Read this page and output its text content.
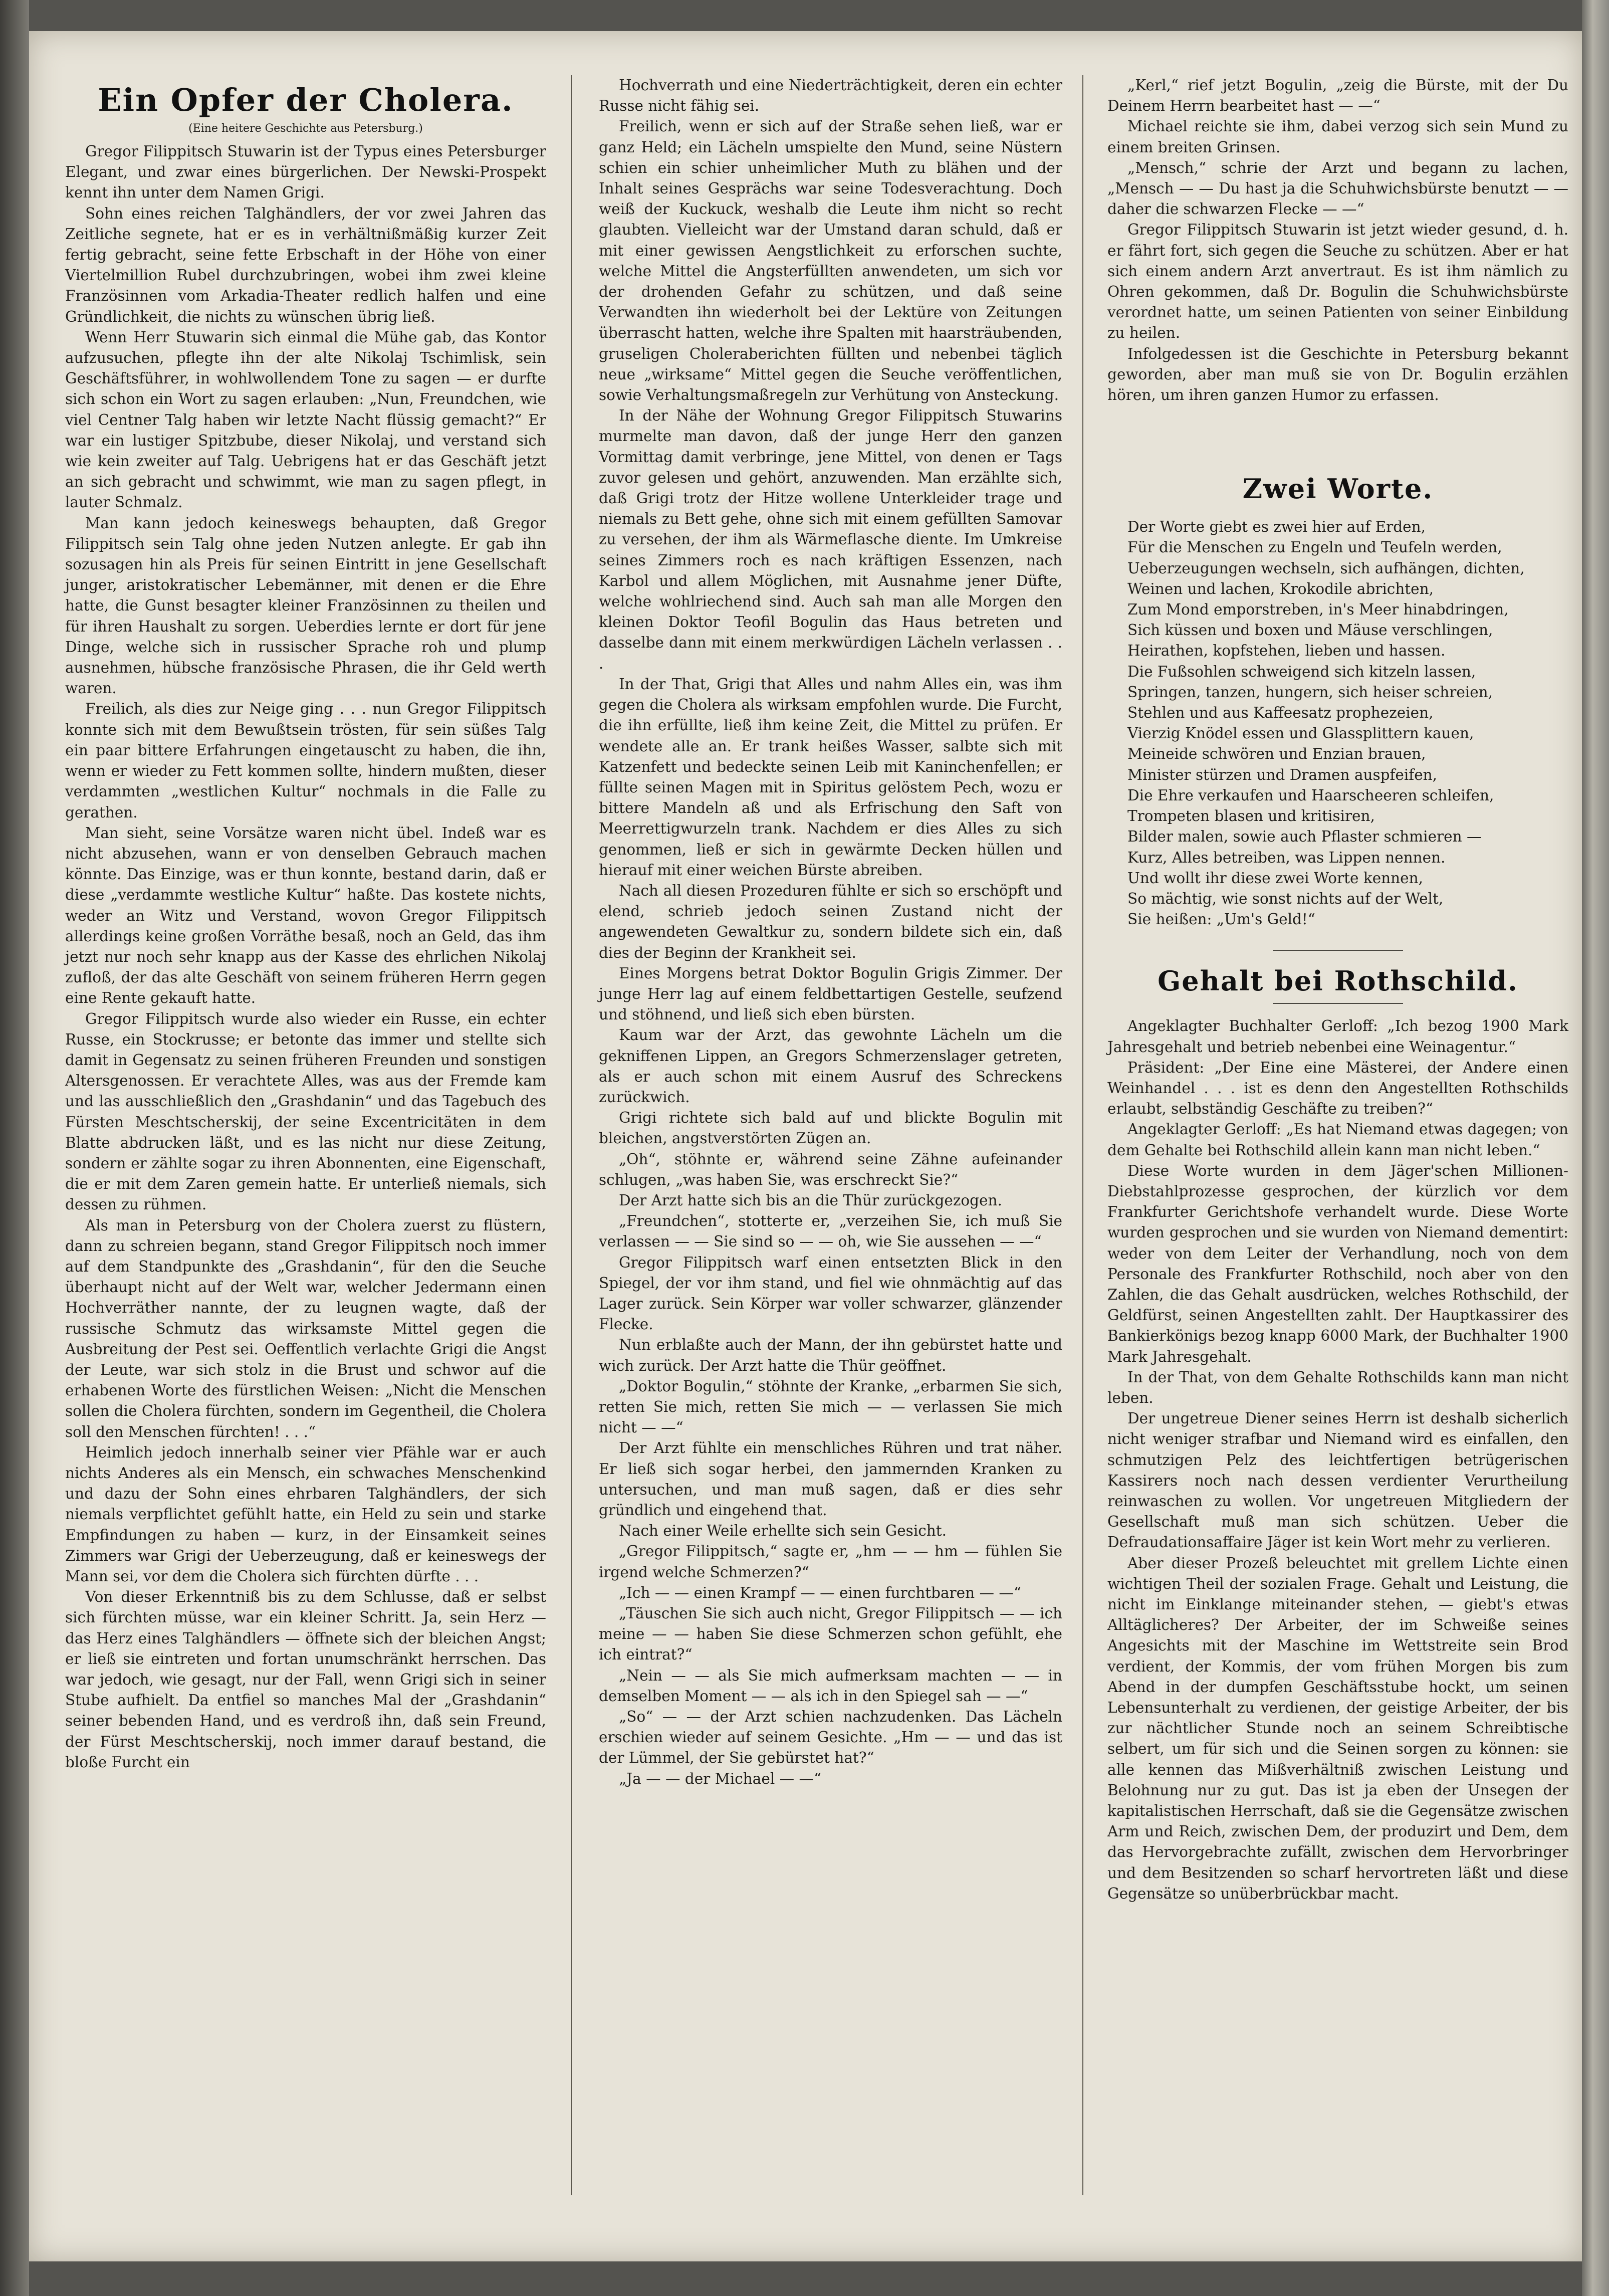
Ein Opfer der Cholera.
(Eine heitere Geschichte aus Petersburg.)

Gregor Filippitsch Stuwarin ist der Typus eines Petersburger Elegant, und zwar eines bürgerlichen. Der Newski-Prospekt kennt ihn unter dem Namen Grigi.

Sohn eines reichen Talghändlers, der vor zwei Jahren das Zeitliche segnete, hat er es in verhältnißmäßig kurzer Zeit fertig gebracht, seine fette Erbschaft in der Höhe von einer Viertelmillion Rubel durchzubringen, wobei ihm zwei kleine Französinnen vom Arkadia-Theater redlich halfen und eine Gründlichkeit, die nichts zu wünschen übrig ließ.

Wenn Herr Stuwarin sich einmal die Mühe gab, das Kontor aufzusuchen, pflegte ihn der alte Nikolaj Tschimlisk, sein Geschäftsführer, in wohlwollendem Tone zu sagen — er durfte sich schon ein Wort zu sagen erlauben: „Nun, Freundchen, wie viel Centner Talg haben wir letzte Nacht flüssig gemacht?“ Er war ein lustiger Spitzbube, dieser Nikolaj, und verstand sich wie kein zweiter auf Talg. Uebrigens hat er das Geschäft jetzt an sich gebracht und schwimmt, wie man zu sagen pflegt, in lauter Schmalz.

Man kann jedoch keineswegs behaupten, daß Gregor Filippitsch sein Talg ohne jeden Nutzen anlegte. Er gab ihn sozusagen hin als Preis für seinen Eintritt in jene Gesellschaft junger, aristokratischer Lebemänner, mit denen er die Ehre hatte, die Gunst besagter kleiner Französinnen zu theilen und für ihren Haushalt zu sorgen. Ueberdies lernte er dort für jene Dinge, welche sich in russischer Sprache roh und plump ausnehmen, hübsche französische Phrasen, die ihr Geld werth waren.

Freilich, als dies zur Neige ging . . . nun Gregor Filippitsch konnte sich mit dem Bewußtsein trösten, für sein süßes Talg ein paar bittere Erfahrungen eingetauscht zu haben, die ihn, wenn er wieder zu Fett kommen sollte, hindern mußten, dieser verdammten „westlichen Kultur“ nochmals in die Falle zu gerathen.

Man sieht, seine Vorsätze waren nicht übel. Indeß war es nicht abzusehen, wann er von denselben Gebrauch machen könnte. Das Einzige, was er thun konnte, bestand darin, daß er diese „verdammte westliche Kultur“ haßte. Das kostete nichts, weder an Witz und Verstand, wovon Gregor Filippitsch allerdings keine großen Vorräthe besaß, noch an Geld, das ihm jetzt nur noch sehr knapp aus der Kasse des ehrlichen Nikolaj zufloß, der das alte Geschäft von seinem früheren Herrn gegen eine Rente gekauft hatte.

Gregor Filippitsch wurde also wieder ein Russe, ein echter Russe, ein Stockrusse; er betonte das immer und stellte sich damit in Gegensatz zu seinen früheren Freunden und sonstigen Altersgenossen. Er verachtete Alles, was aus der Fremde kam und las ausschließlich den „Grashdanin“ und das Tagebuch des Fürsten Meschtscherskij, der seine Excentricitäten in dem Blatte abdrucken läßt, und es las nicht nur diese Zeitung, sondern er zählte sogar zu ihren Abonnenten, eine Eigenschaft, die er mit dem Zaren gemein hatte. Er unterließ niemals, sich dessen zu rühmen.

Als man in Petersburg von der Cholera zuerst zu flüstern, dann zu schreien begann, stand Gregor Filippitsch noch immer auf dem Standpunkte des „Grashdanin“, für den die Seuche überhaupt nicht auf der Welt war, welcher Jedermann einen Hochverräther nannte, der zu leugnen wagte, daß der russische Schmutz das wirksamste Mittel gegen die Ausbreitung der Pest sei. Oeffentlich verlachte Grigi die Angst der Leute, war sich stolz in die Brust und schwor auf die erhabenen Worte des fürstlichen Weisen: „Nicht die Menschen sollen die Cholera fürchten, sondern im Gegentheil, die Cholera soll den Menschen fürchten! . . .“

Heimlich jedoch innerhalb seiner vier Pfähle war er auch nichts Anderes als ein Mensch, ein schwaches Menschenkind und dazu der Sohn eines ehrbaren Talghändlers, der sich niemals verpflichtet gefühlt hatte, ein Held zu sein und starke Empfindungen zu haben — kurz, in der Einsamkeit seines Zimmers war Grigi der Ueberzeugung, daß er keineswegs der Mann sei, vor dem die Cholera sich fürchten dürfte . . .

Von dieser Erkenntniß bis zu dem Schlusse, daß er selbst sich fürchten müsse, war ein kleiner Schritt. Ja, sein Herz — das Herz eines Talghändlers — öffnete sich der bleichen Angst; er ließ sie eintreten und fortan unumschränkt herrschen. Das war jedoch, wie gesagt, nur der Fall, wenn Grigi sich in seiner Stube aufhielt. Da entfiel so manches Mal der „Grashdanin“ seiner bebenden Hand, und es verdroß ihn, daß sein Freund, der Fürst Meschtscherskij, noch immer darauf bestand, die bloße Furcht ein

Hochverrath und eine Niederträchtigkeit, deren ein echter Russe nicht fähig sei.

Freilich, wenn er sich auf der Straße sehen ließ, war er ganz Held; ein Lächeln umspielte den Mund, seine Nüstern schien ein schier unheimlicher Muth zu blähen und der Inhalt seines Gesprächs war seine Todesverachtung. Doch weiß der Kuckuck, weshalb die Leute ihm nicht so recht glaubten. Vielleicht war der Umstand daran schuld, daß er mit einer gewissen Aengstlichkeit zu erforschen suchte, welche Mittel die Angsterfüllten anwendeten, um sich vor der drohenden Gefahr zu schützen, und daß seine Verwandten ihn wiederholt bei der Lektüre von Zeitungen überrascht hatten, welche ihre Spalten mit haarsträubenden, gruseligen Choleraberichten füllten und nebenbei täglich neue „wirksame“ Mittel gegen die Seuche veröffentlichen, sowie Verhaltungsmaßregeln zur Verhütung von Ansteckung.

In der Nähe der Wohnung Gregor Filippitsch Stuwarins murmelte man davon, daß der junge Herr den ganzen Vormittag damit verbringe, jene Mittel, von denen er Tags zuvor gelesen und gehört, anzuwenden. Man erzählte sich, daß Grigi trotz der Hitze wollene Unterkleider trage und niemals zu Bett gehe, ohne sich mit einem gefüllten Samovar zu versehen, der ihm als Wärmeflasche diente. Im Umkreise seines Zimmers roch es nach kräftigen Essenzen, nach Karbol und allem Möglichen, mit Ausnahme jener Düfte, welche wohlriechend sind. Auch sah man alle Morgen den kleinen Doktor Teofil Bogulin das Haus betreten und dasselbe dann mit einem merkwürdigen Lächeln verlassen . . .

In der That, Grigi that Alles und nahm Alles ein, was ihm gegen die Cholera als wirksam empfohlen wurde. Die Furcht, die ihn erfüllte, ließ ihm keine Zeit, die Mittel zu prüfen. Er wendete alle an. Er trank heißes Wasser, salbte sich mit Katzenfett und bedeckte seinen Leib mit Kaninchenfellen; er füllte seinen Magen mit in Spiritus gelöstem Pech, wozu er bittere Mandeln aß und als Erfrischung den Saft von Meerrettigwurzeln trank. Nachdem er dies Alles zu sich genommen, ließ er sich in gewärmte Decken hüllen und hierauf mit einer weichen Bürste abreiben.

Nach all diesen Prozeduren fühlte er sich so erschöpft und elend, schrieb jedoch seinen Zustand nicht der angewendeten Gewaltkur zu, sondern bildete sich ein, daß dies der Beginn der Krankheit sei.

Eines Morgens betrat Doktor Bogulin Grigis Zimmer. Der junge Herr lag auf einem feldbettartigen Gestelle, seufzend und stöhnend, und ließ sich eben bürsten.

Kaum war der Arzt, das gewohnte Lächeln um die gekniffenen Lippen, an Gregors Schmerzenslager getreten, als er auch schon mit einem Ausruf des Schreckens zurückwich.

Grigi richtete sich bald auf und blickte Bogulin mit bleichen, angstverstörten Zügen an.

„Oh“, stöhnte er, während seine Zähne aufeinander schlugen, „was haben Sie, was erschreckt Sie?“

Der Arzt hatte sich bis an die Thür zurückgezogen.

„Freundchen“, stotterte er, „verzeihen Sie, ich muß Sie verlassen — — Sie sind so — — oh, wie Sie aussehen — —“

Gregor Filippitsch warf einen entsetzten Blick in den Spiegel, der vor ihm stand, und fiel wie ohnmächtig auf das Lager zurück. Sein Körper war voller schwarzer, glänzender Flecke.

Nun erblaßte auch der Mann, der ihn gebürstet hatte und wich zurück. Der Arzt hatte die Thür geöffnet.

„Doktor Bogulin,“ stöhnte der Kranke, „erbarmen Sie sich, retten Sie mich, retten Sie mich — — verlassen Sie mich nicht — —“

Der Arzt fühlte ein menschliches Rühren und trat näher. Er ließ sich sogar herbei, den jammernden Kranken zu untersuchen, und man muß sagen, daß er dies sehr gründlich und eingehend that.

Nach einer Weile erhellte sich sein Gesicht.

„Gregor Filippitsch,“ sagte er, „hm — — hm — fühlen Sie irgend welche Schmerzen?“

„Ich — — einen Krampf — — einen furchtbaren — —“

„Täuschen Sie sich auch nicht, Gregor Filippitsch — — ich meine — — haben Sie diese Schmerzen schon gefühlt, ehe ich eintrat?“

„Nein — — als Sie mich aufmerksam machten — — in demselben Moment — — als ich in den Spiegel sah — —“

„So“ — — der Arzt schien nachzudenken. Das Lächeln erschien wieder auf seinem Gesichte. „Hm — — und das ist der Lümmel, der Sie gebürstet hat?“

„Ja — — der Michael — —“

„Kerl,“ rief jetzt Bogulin, „zeig die Bürste, mit der Du Deinem Herrn bearbeitet hast — —“

Michael reichte sie ihm, dabei verzog sich sein Mund zu einem breiten Grinsen.

„Mensch,“ schrie der Arzt und begann zu lachen, „Mensch — — Du hast ja die Schuhwichsbürste benutzt — — daher die schwarzen Flecke — —“

Gregor Filippitsch Stuwarin ist jetzt wieder gesund, d. h. er fährt fort, sich gegen die Seuche zu schützen. Aber er hat sich einem andern Arzt anvertraut. Es ist ihm nämlich zu Ohren gekommen, daß Dr. Bogulin die Schuhwichsbürste verordnet hatte, um seinen Patienten von seiner Einbildung zu heilen.

Infolgedessen ist die Geschichte in Petersburg bekannt geworden, aber man muß sie von Dr. Bogulin erzählen hören, um ihren ganzen Humor zu erfassen.

Zwei Worte.
Der Worte giebt es zwei hier auf Erden,
Für die Menschen zu Engeln und Teufeln werden,
Ueberzeugungen wechseln, sich aufhängen, dichten,
Weinen und lachen, Krokodile abrichten,
Zum Mond emporstreben, in's Meer hinabdringen,
Sich küssen und boxen und Mäuse verschlingen,
Heirathen, kopfstehen, lieben und hassen.
Die Fußsohlen schweigend sich kitzeln lassen,
Springen, tanzen, hungern, sich heiser schreien,
Stehlen und aus Kaffeesatz prophezeien,
Vierzig Knödel essen und Glassplittern kauen,
Meineide schwören und Enzian brauen,
Minister stürzen und Dramen auspfeifen,
Die Ehre verkaufen und Haarscheeren schleifen,
Trompeten blasen und kritisiren,
Bilder malen, sowie auch Pflaster schmieren —
Kurz, Alles betreiben, was Lippen nennen.
Und wollt ihr diese zwei Worte kennen,
So mächtig, wie sonst nichts auf der Welt,
Sie heißen: „Um's Geld!“
Gehalt bei Rothschild.

Angeklagter Buchhalter Gerloff: „Ich bezog 1900 Mark Jahresgehalt und betrieb nebenbei eine Weinagentur.“

Präsident: „Der Eine eine Mästerei, der Andere einen Weinhandel . . . ist es denn den Angestellten Rothschilds erlaubt, selbständig Geschäfte zu treiben?“

Angeklagter Gerloff: „Es hat Niemand etwas dagegen; von dem Gehalte bei Rothschild allein kann man nicht leben.“

Diese Worte wurden in dem Jäger'schen Millionen-Diebstahlprozesse gesprochen, der kürzlich vor dem Frankfurter Gerichtshofe verhandelt wurde. Diese Worte wurden gesprochen und sie wurden von Niemand dementirt: weder von dem Leiter der Verhandlung, noch von dem Personale des Frankfurter Rothschild, noch aber von den Zahlen, die das Gehalt ausdrücken, welches Rothschild, der Geldfürst, seinen Angestellten zahlt. Der Hauptkassirer des Bankierkönigs bezog knapp 6000 Mark, der Buchhalter 1900 Mark Jahresgehalt.

In der That, von dem Gehalte Rothschilds kann man nicht leben.

Der ungetreue Diener seines Herrn ist deshalb sicherlich nicht weniger strafbar und Niemand wird es einfallen, den schmutzigen Pelz des leichtfertigen betrügerischen Kassirers noch nach dessen verdienter Verurtheilung reinwaschen zu wollen. Vor ungetreuen Mitgliedern der Gesellschaft muß man sich schützen. Ueber die Defraudationsaffaire Jäger ist kein Wort mehr zu verlieren.

Aber dieser Prozeß beleuchtet mit grellem Lichte einen wichtigen Theil der sozialen Frage. Gehalt und Leistung, die nicht im Einklange miteinander stehen, — giebt's etwas Alltäglicheres? Der Arbeiter, der im Schweiße seines Angesichts mit der Maschine im Wettstreite sein Brod verdient, der Kommis, der vom frühen Morgen bis zum Abend in der dumpfen Geschäftsstube hockt, um seinen Lebensunterhalt zu verdienen, der geistige Arbeiter, der bis zur nächtlicher Stunde noch an seinem Schreibtische selbert, um für sich und die Seinen sorgen zu können: sie alle kennen das Mißverhältniß zwischen Leistung und Belohnung nur zu gut. Das ist ja eben der Unsegen der kapitalistischen Herrschaft, daß sie die Gegensätze zwischen Arm und Reich, zwischen Dem, der produzirt und Dem, dem das Hervorgebrachte zufällt, zwischen dem Hervorbringer und dem Besitzenden so scharf hervortreten läßt und diese Gegensätze so unüberbrückbar macht.
